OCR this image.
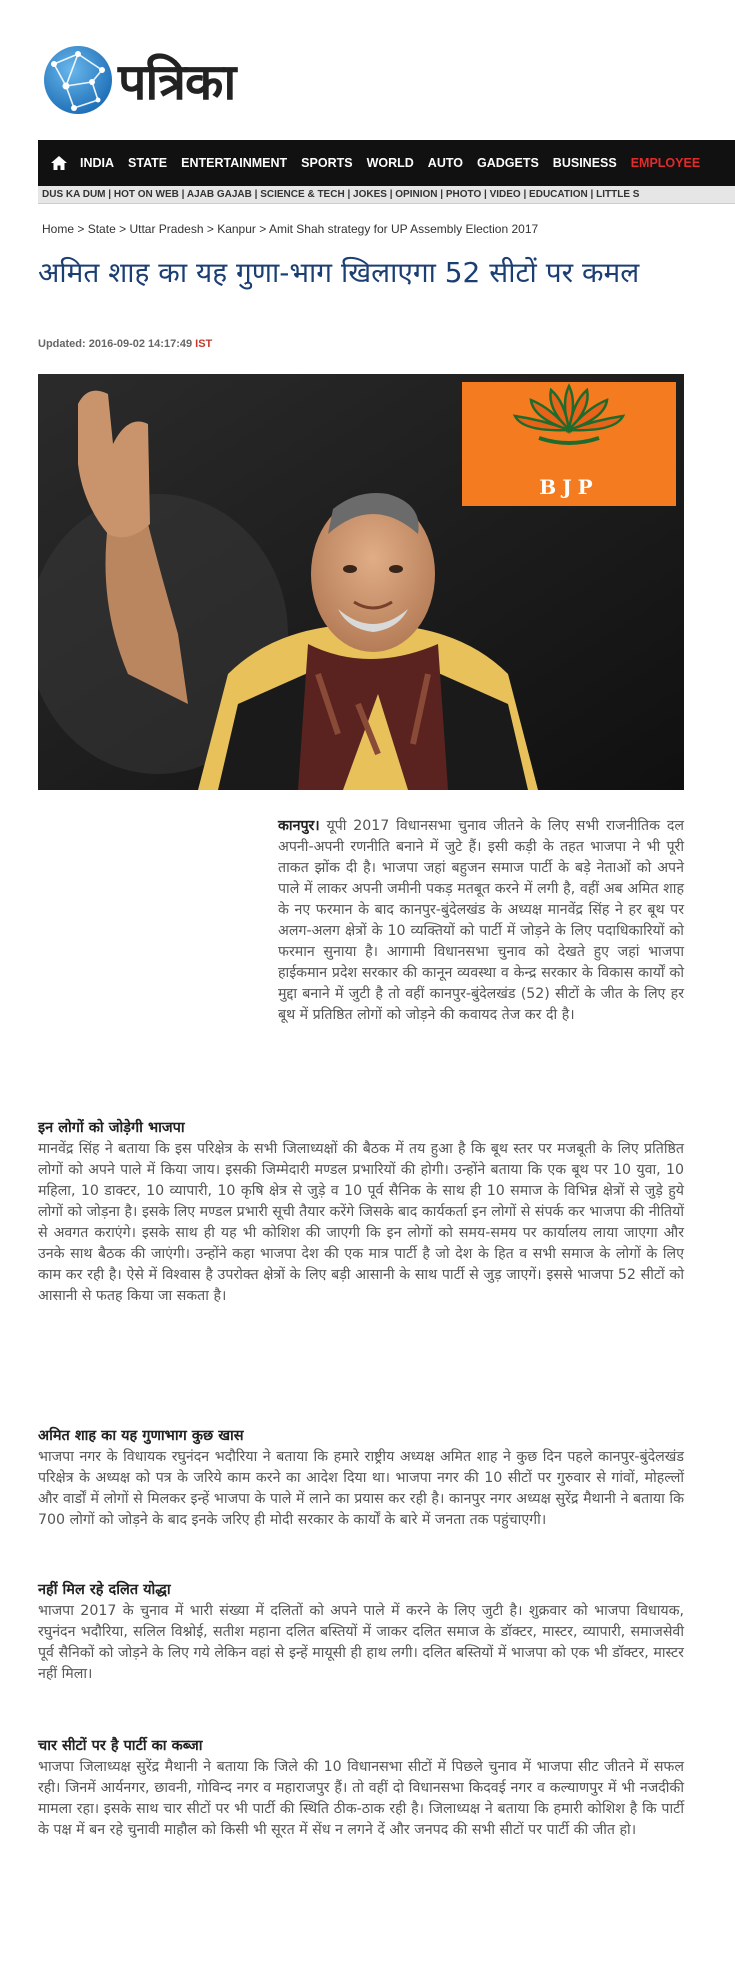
पत्रिका
INDIA STATE ENTERTAINMENT SPORTS WORLD AUTO GADGETS BUSINESS EMPLOYEE
DUS KA DUM | HOT ON WEB | AJAB GAJAB | SCIENCE & TECH | JOKES | OPINION | PHOTO | VIDEO | EDUCATION | LITTLE S
Home > State > Uttar Pradesh > Kanpur > Amit Shah strategy for UP Assembly Election 2017
अमित शाह का यह गुणा-भाग खिलाएगा 52 सीटों पर कमल
Updated: 2016-09-02 14:17:49 IST
BJP

कानपुर। यूपी 2017 विधानसभा चुनाव जीतने के लिए सभी राजनीतिक दल अपनी-अपनी रणनीति बनाने में जुटे हैं। इसी कड़ी के तहत भाजपा ने भी पूरी ताकत झोंक दी है। भाजपा जहां बहुजन समाज पार्टी के बड़े नेताओं को अपने पाले में लाकर अपनी जमीनी पकड़ मतबूत करने में लगी है, वहीं अब अमित शाह के नए फरमान के बाद कानपुर-बुंदेलखंड के अध्यक्ष मानवेंद्र सिंह ने हर बूथ पर अलग-अलग क्षेत्रों के 10 व्यक्तियों को पार्टी में जोड़ने के लिए पदाधिकारियों को फरमान सुनाया है। आगामी विधानसभा चुनाव को देखते हुए जहां भाजपा हाईकमान प्रदेश सरकार की कानून व्यवस्था व केन्द्र सरकार के विकास कार्यों को मुद्दा बनाने में जुटी है तो वहीं कानपुर-बुंदेलखंड (52) सीटों के जीत के लिए हर बूथ में प्रतिष्ठित लोगों को जोड़ने की कवायद तेज कर दी है।

इन लोगों को जोड़ेगी भाजपा

मानवेंद्र सिंह ने बताया कि इस परिक्षेत्र के सभी जिलाध्यक्षों की बैठक में तय हुआ है कि बूथ स्तर पर मजबूती के लिए प्रतिष्ठित लोगों को अपने पाले में किया जाय। इसकी जिम्मेदारी मण्डल प्रभारियों की होगी। उन्होंने बताया कि एक बूथ पर 10 युवा, 10 महिला, 10 डाक्टर, 10 व्यापारी, 10 कृषि क्षेत्र से जुड़े व 10 पूर्व सैनिक के साथ ही 10 समाज के विभिन्न क्षेत्रों से जुड़े हुये लोगों को जोड़ना है। इसके लिए मण्डल प्रभारी सूची तैयार करेंगे जिसके बाद कार्यकर्ता इन लोगों से संपर्क कर भाजपा की नीतियों से अवगत कराएंगे। इसके साथ ही यह भी कोशिश की जाएगी कि इन लोगों को समय-समय पर कार्यालय लाया जाएगा और उनके साथ बैठक की जाएंगी। उन्होंने कहा भाजपा देश की एक मात्र पार्टी है जो देश के हित व सभी समाज के लोगों के लिए काम कर रही है। ऐसे में विश्वास है उपरोक्त क्षेत्रों के लिए बड़ी आसानी के साथ पार्टी से जुड़ जाएगें। इससे भाजपा 52 सीटों को आसानी से फतह किया जा सकता है।

अमित शाह का यह गुणाभाग कुछ खास

भाजपा नगर के विधायक रघुनंदन भदौरिया ने बताया कि हमारे राष्ट्रीय अध्यक्ष अमित शाह ने कुछ दिन पहले कानपुर-बुंदेलखंड परिक्षेत्र के अध्यक्ष को पत्र के जरिये काम करने का आदेश दिया था। भाजपा नगर की 10 सीटों पर गुरुवार से गांवों, मोहल्लों और वार्डों में लोगों से मिलकर इन्हें भाजपा के पाले में लाने का प्रयास कर रही है। कानपुर नगर अध्यक्ष सुरेंद्र मैथानी ने बताया कि 700 लोगों को जोड़ने के बाद इनके जरिए ही मोदी सरकार के कार्यों के बारे में जनता तक पहुंचाएगी।

नहीं मिल रहे दलित योद्धा

भाजपा 2017 के चुनाव में भारी संख्या में दलितों को अपने पाले में करने के लिए जुटी है। शुक्रवार को भाजपा विधायक, रघुनंदन भदौरिया, सलिल विश्नोई, सतीश महाना दलित बस्तियों में जाकर दलित समाज के डॉक्टर, मास्टर, व्यापारी, समाजसेवी पूर्व सैनिकों को जोड़ने के लिए गये लेकिन वहां से इन्हें मायूसी ही हाथ लगी। दलित बस्तियों में भाजपा को एक भी डॉक्टर, मास्टर नहीं मिला।

चार सीटों पर है पार्टी का कब्जा

भाजपा जिलाध्यक्ष सुरेंद्र मैथानी ने बताया कि जिले की 10 विधानसभा सीटों में पिछले चुनाव में भाजपा सीट जीतने में सफल रही। जिनमें आर्यनगर, छावनी, गोविन्द नगर व महाराजपुर हैं। तो वहीं दो विधानसभा किदवई नगर व कल्याणपुर में भी नजदीकी मामला रहा। इसके साथ चार सीटों पर भी पार्टी की स्थिति ठीक-ठाक रही है। जिलाध्यक्ष ने बताया कि हमारी कोशिश है कि पार्टी के पक्ष में बन रहे चुनावी माहौल को किसी भी सूरत में सेंध न लगने दें और जनपद की सभी सीटों पर पार्टी की जीत हो।
